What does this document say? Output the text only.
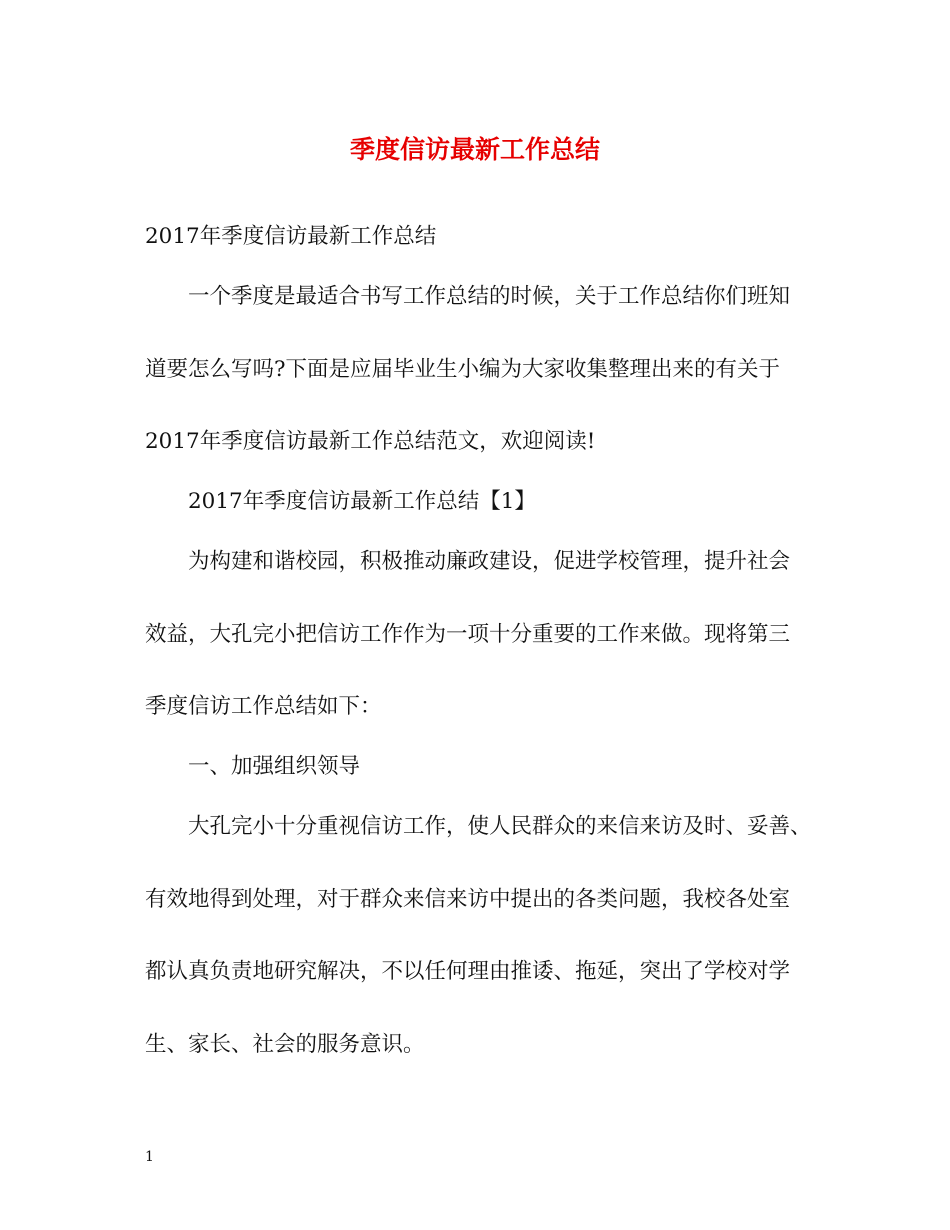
季度信访最新工作总结
2017年季度信访最新工作总结
一个季度是最适合书写工作总结的时候，关于工作总结你们班知
道要怎么写吗?下面是应届毕业生小编为大家收集整理出来的有关于
2017年季度信访最新工作总结范文，欢迎阅读!
2017年季度信访最新工作总结【1】
为构建和谐校园，积极推动廉政建设，促进学校管理，提升社会
效益，大孔完小把信访工作作为一项十分重要的工作来做。现将第三
季度信访工作总结如下：
一、加强组织领导
大孔完小十分重视信访工作，使人民群众的来信来访及时、妥善、
有效地得到处理，对于群众来信来访中提出的各类问题，我校各处室
都认真负责地研究解决，不以任何理由推诿、拖延，突出了学校对学
生、家长、社会的服务意识。
1
